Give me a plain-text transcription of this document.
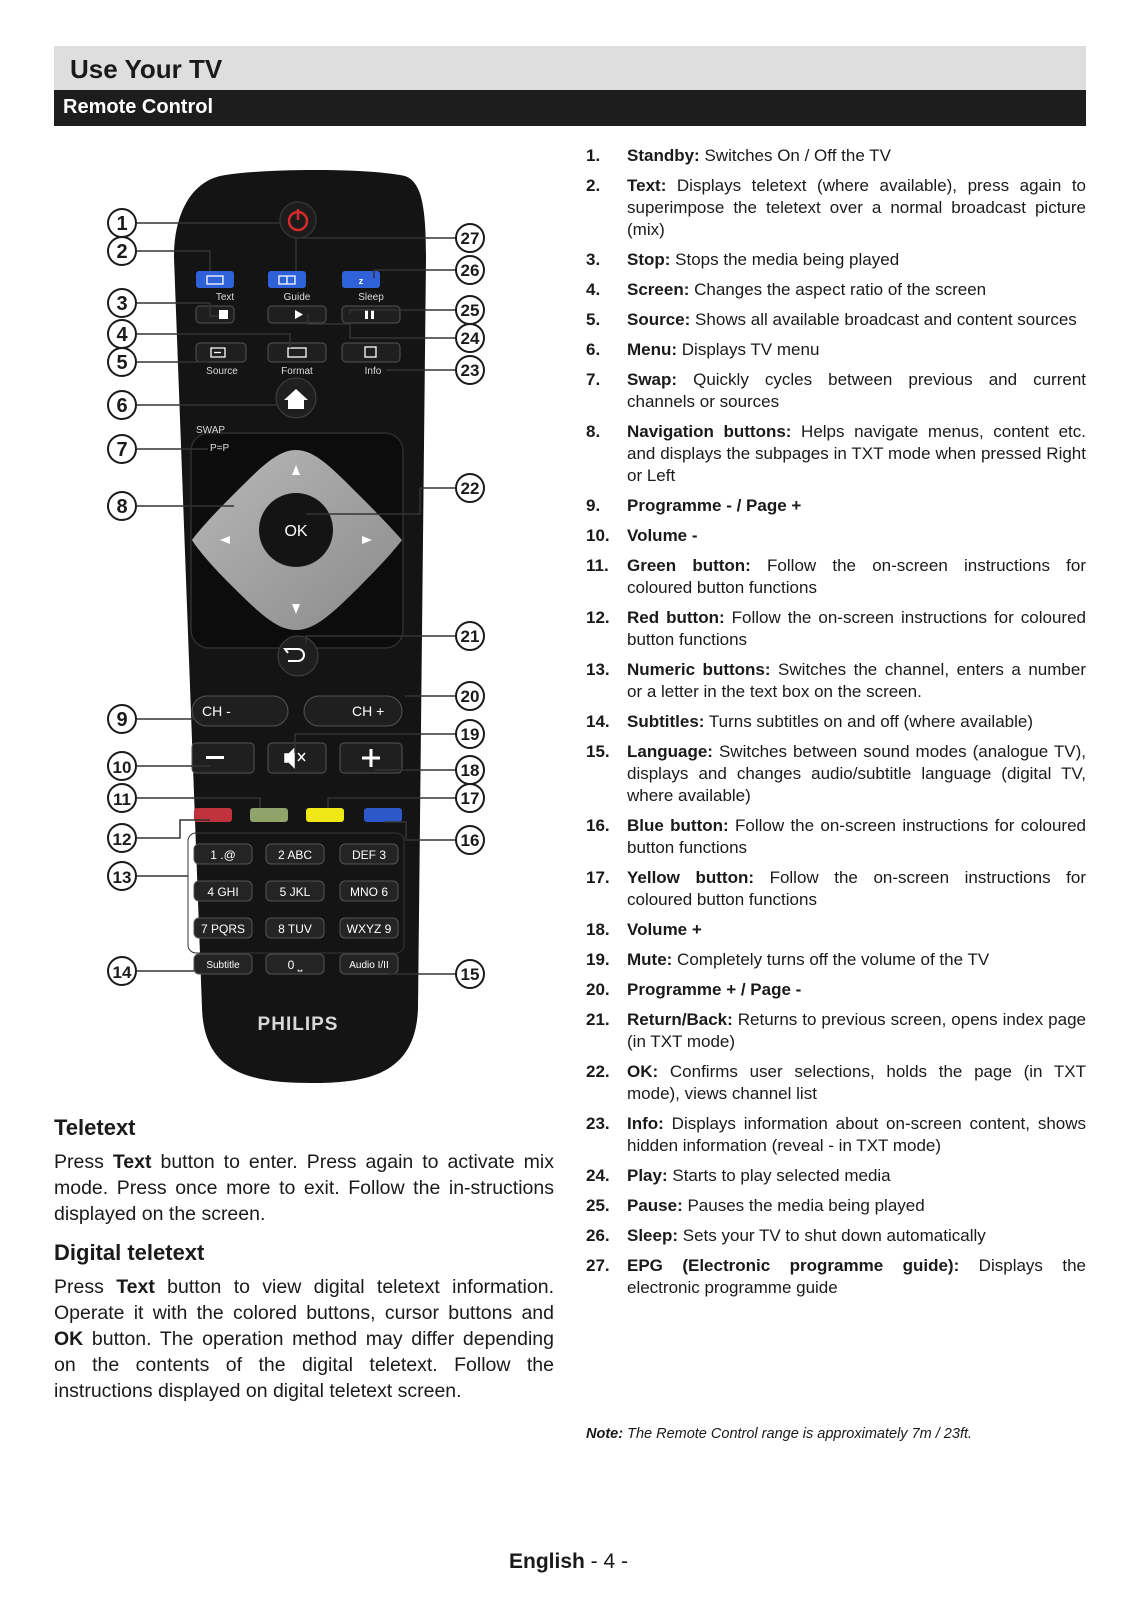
Use Your TV
Remote Control
z
Text	Guide	Sleep
Source	Format	Info
SWAP
P=P
OK
CH -	CH +
1 .@	2 ABC	DEF 3
4 GHI	5 JKL	MNO 6
7 PQRS	8 TUV	WXYZ 9
Subtitle	0 ⎵	Audio I/II
PHILIPS
1
2
3
4
5
6
7
8
9
10
11
12
13
14
27
26
25
24
23
22
21
20
19
18
17
16
15
Teletext

Press Text button to enter. Press again to activate mix mode. Press once more to exit. Follow the in-structions displayed on the screen.

Digital teletext

Press Text button to view digital teletext information. Operate it with the colored buttons, cursor buttons and OK button. The operation method may differ depending on the contents of the digital teletext. Follow the instructions displayed on digital teletext screen.

1. Standby: Switches On / Off the TV
2. Text: Displays teletext (where available), press again to superimpose the teletext over a normal broadcast picture (mix)
3. Stop: Stops the media being played
4. Screen: Changes the aspect ratio of the screen
5. Source: Shows all available broadcast and content sources
6. Menu: Displays TV menu
7. Swap: Quickly cycles between previous and current channels or sources
8. Navigation buttons: Helps navigate menus, content etc. and displays the subpages in TXT mode when pressed Right or Left
9. Programme - / Page +
10. Volume -
11. Green button: Follow the on-screen instructions for coloured button functions
12. Red button: Follow the on-screen instructions for coloured button functions
13. Numeric buttons: Switches the channel, enters a number or a letter in the text box on the screen.
14. Subtitles: Turns subtitles on and off (where available)
15. Language: Switches between sound modes (analogue TV), displays and changes audio/subtitle language (digital TV, where available)
16. Blue button: Follow the on-screen instructions for coloured button functions
17. Yellow button: Follow the on-screen instructions for coloured button functions
18. Volume +
19. Mute: Completely turns off the volume of the TV
20. Programme + / Page -
21. Return/Back: Returns to previous screen, opens index page (in TXT mode)
22. OK: Confirms user selections, holds the page (in TXT mode), views channel list
23. Info: Displays information about on-screen content, shows hidden information (reveal - in TXT mode)
24. Play: Starts to play selected media
25. Pause: Pauses the media being played
26. Sleep: Sets your TV to shut down automatically
27. EPG (Electronic programme guide): Displays the electronic programme guide
Note: The Remote Control range is approximately 7m / 23ft.
English - 4 -
